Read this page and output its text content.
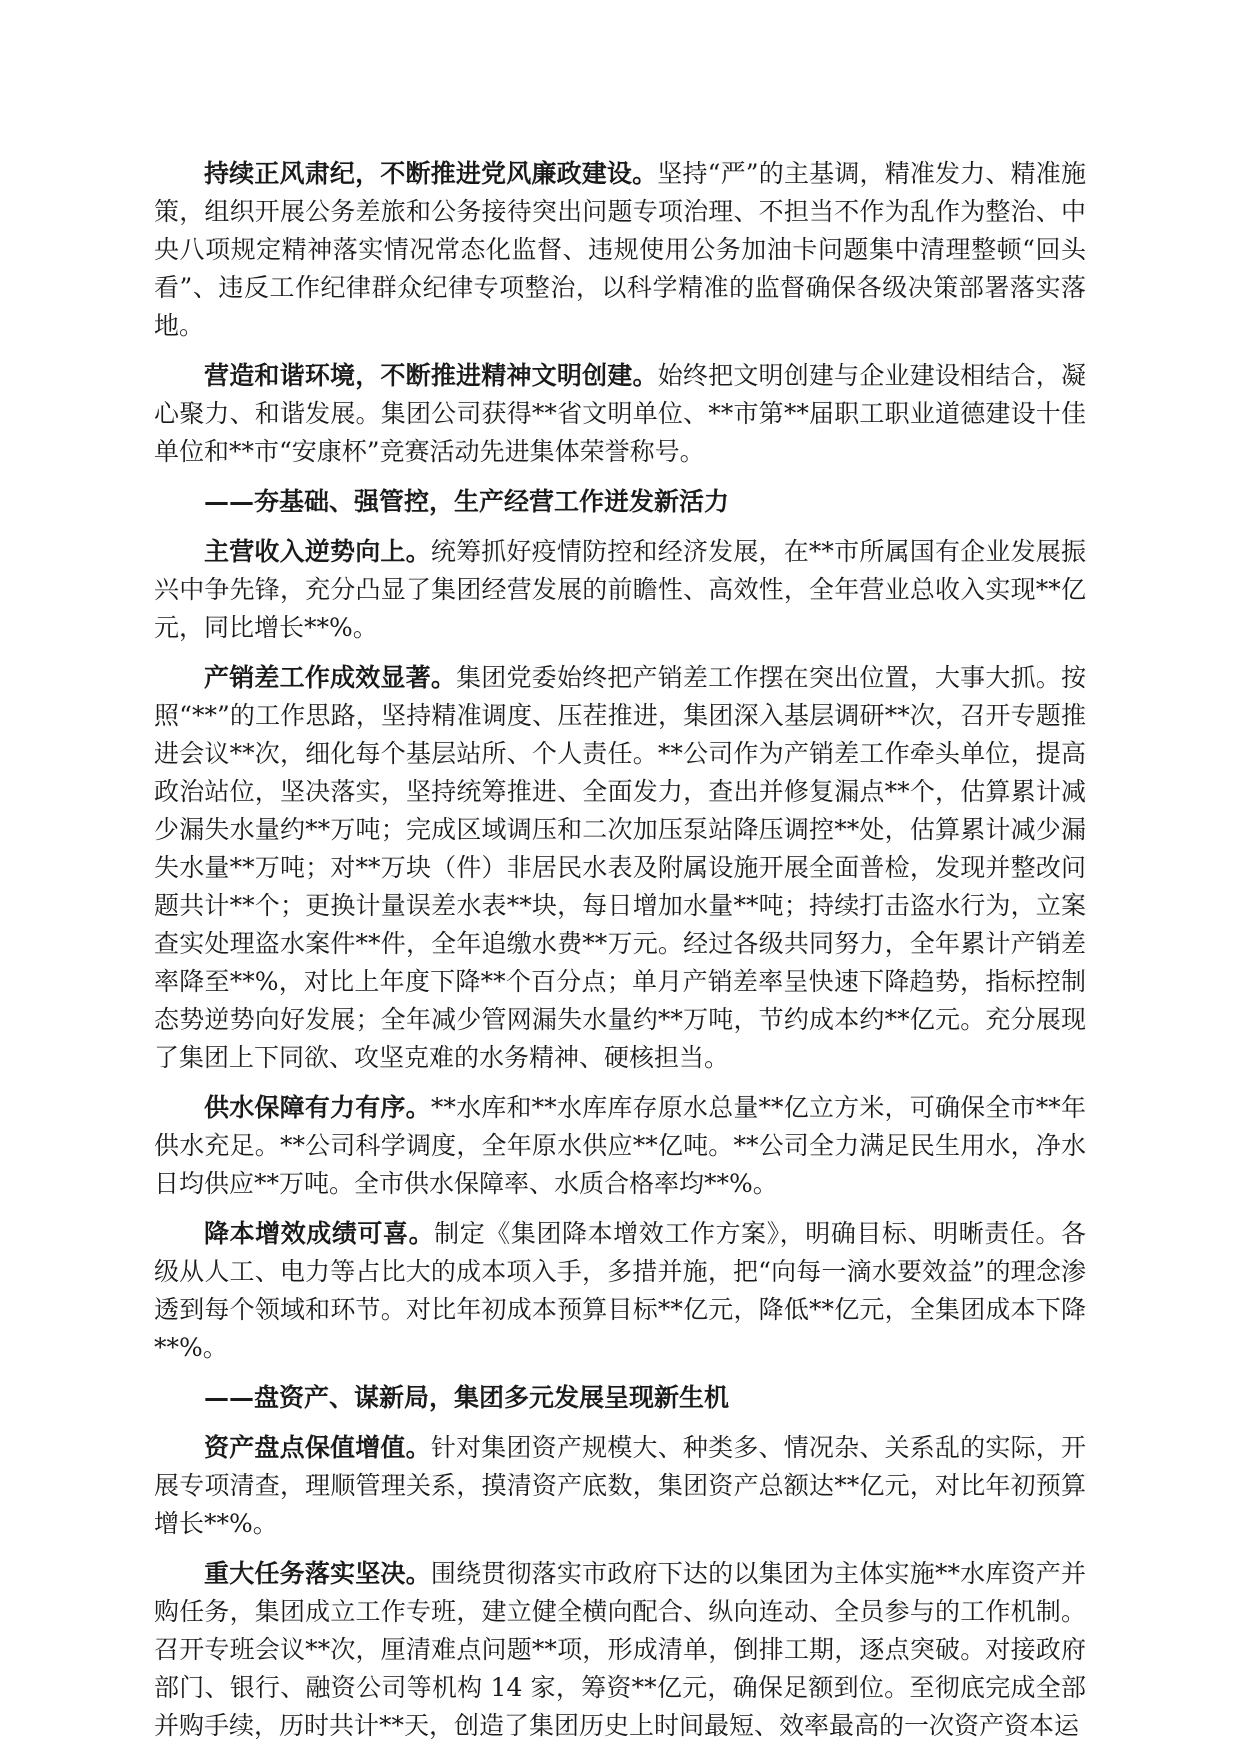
持续正风肃纪，不断推进党风廉政建设。坚持“严”的主基调，精准发力、精准施策，组织开展公务差旅和公务接待突出问题专项治理、不担当不作为乱作为整治、中央八项规定精神落实情况常态化监督、违规使用公务加油卡问题集中清理整顿“回头看”、违反工作纪律群众纪律专项整治，以科学精准的监督确保各级决策部署落实落地。

营造和谐环境，不断推进精神文明创建。始终把文明创建与企业建设相结合，凝心聚力、和谐发展。集团公司获得**省文明单位、**市第**届职工职业道德建设十佳单位和**市“安康杯”竞赛活动先进集体荣誉称号。

——夯基础、强管控，生产经营工作迸发新活力

主营收入逆势向上。统筹抓好疫情防控和经济发展，在**市所属国有企业发展振兴中争先锋，充分凸显了集团经营发展的前瞻性、高效性，全年营业总收入实现**亿元，同比增长**%。

产销差工作成效显著。集团党委始终把产销差工作摆在突出位置，大事大抓。按照“**”的工作思路，坚持精准调度、压茬推进，集团深入基层调研**次，召开专题推进会议**次，细化每个基层站所、个人责任。**公司作为产销差工作牵头单位，提高政治站位，坚决落实，坚持统筹推进、全面发力，查出并修复漏点**个，估算累计减少漏失水量约**万吨；完成区域调压和二次加压泵站降压调控**处，估算累计减少漏失水量**万吨；对**万块（件）非居民水表及附属设施开展全面普检，发现并整改问题共计**个；更换计量误差水表**块，每日增加水量**吨；持续打击盗水行为，立案查实处理盗水案件**件，全年追缴水费**万元。经过各级共同努力，全年累计产销差率降至**%，对比上年度下降**个百分点；单月产销差率呈快速下降趋势，指标控制态势逆势向好发展；全年减少管网漏失水量约**万吨，节约成本约**亿元。充分展现了集团上下同欲、攻坚克难的水务精神、硬核担当。

供水保障有力有序。**水库和**水库库存原水总量**亿立方米，可确保全市**年供水充足。**公司科学调度，全年原水供应**亿吨。**公司全力满足民生用水，净水日均供应**万吨。全市供水保障率、水质合格率均**%。

降本增效成绩可喜。制定《集团降本增效工作方案》，明确目标、明晰责任。各级从人工、电力等占比大的成本项入手，多措并施，把“向每一滴水要效益”的理念渗透到每个领域和环节。对比年初成本预算目标**亿元，降低**亿元，全集团成本下降**%。

——盘资产、谋新局，集团多元发展呈现新生机

资产盘点保值增值。针对集团资产规模大、种类多、情况杂、关系乱的实际，开展专项清查，理顺管理关系，摸清资产底数，集团资产总额达**亿元，对比年初预算增长**%。

重大任务落实坚决。围绕贯彻落实市政府下达的以集团为主体实施**水库资产并购任务，集团成立工作专班，建立健全横向配合、纵向连动、全员参与的工作机制。召开专班会议**次，厘清难点问题**项，形成清单，倒排工期，逐点突破。对接政府部门、银行、融资公司等机构 14 家，筹资**亿元，确保足额到位。至彻底完成全部并购手续，历时共计**天，创造了集团历史上时间最短、效率最高的一次资产资本运
